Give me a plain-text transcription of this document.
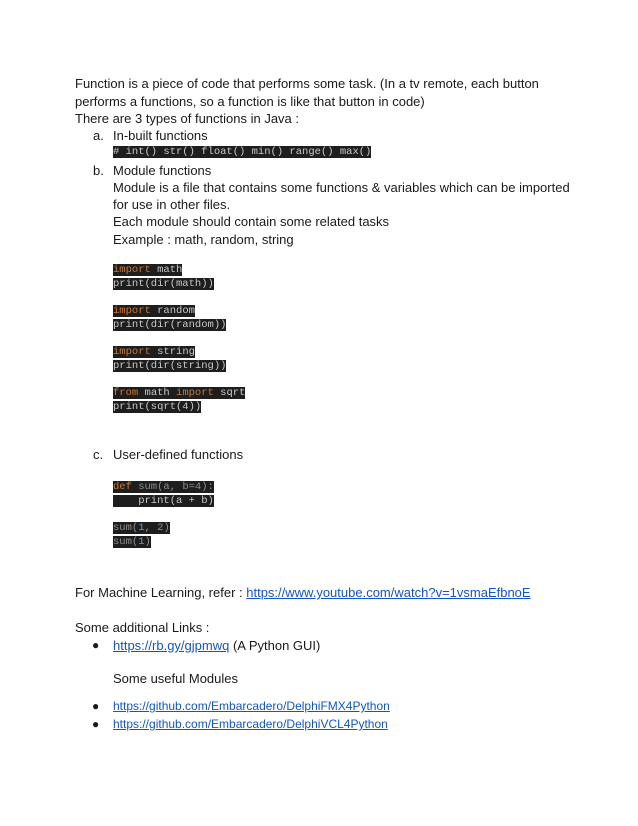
Function is a piece of code that performs some task. (In a tv remote, each button
performs a functions, so a function is like that button in code)
There are 3 types of functions in Java :
a. In-built functions
# int() str() float() min() range() max()
b. Module functions
Module is a file that contains some functions & variables which can be imported
for use in other files.
Each module should contain some related tasks
Example : math, random, string
import math
print(dir(math))
import random
print(dir(random))
import string
print(dir(string))
from math import sqrt
print(sqrt(4))
c. User-defined functions
def sum(a, b=4):
print(a + b)
sum(1, 2)
sum(1)
For Machine Learning, refer : https://www.youtube.com/watch?v=1vsmaEfbnoE
Some additional Links :
● https://rb.gy/gjpmwq (A Python GUI)
Some useful Modules
● https://github.com/Embarcadero/DelphiFMX4Python
● https://github.com/Embarcadero/DelphiVCL4Python
